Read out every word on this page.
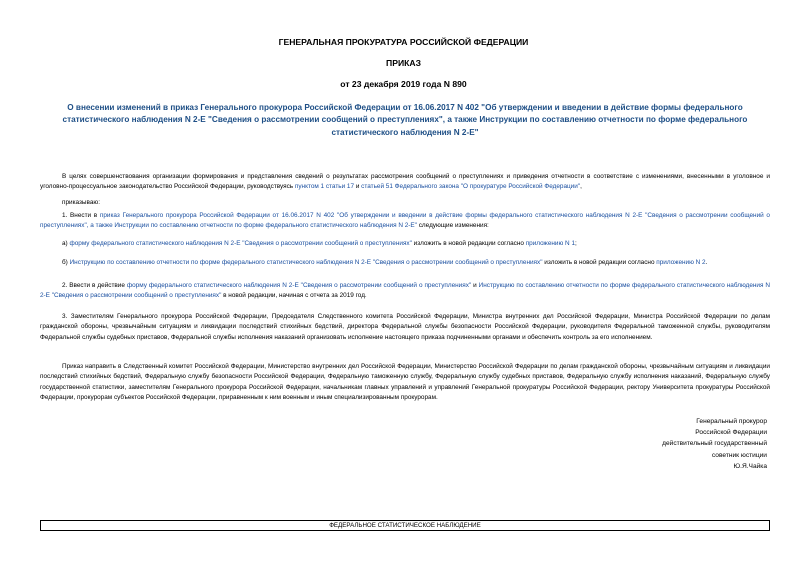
ГЕНЕРАЛЬНАЯ ПРОКУРАТУРА РОССИЙСКОЙ ФЕДЕРАЦИИ
ПРИКАЗ
от 23 декабря 2019 года N 890
О внесении изменений в приказ Генерального прокурора Российской Федерации от 16.06.2017 N 402 "Об утверждении и введении в действие формы федерального статистического наблюдения N 2-Е "Сведения о рассмотрении сообщений о преступлениях", а также Инструкции по составлению отчетности по форме федерального статистического наблюдения N 2-Е"
В целях совершенствования организации формирования и представления сведений о результатах рассмотрения сообщений о преступлениях и приведения отчетности в соответствие с изменениями, внесенными в уголовное и уголовно-процессуальное законодательство Российской Федерации, руководствуясь пунктом 1 статьи 17 и статьей 51 Федерального закона "О прокуратуре Российской Федерации",
приказываю:
1. Внести в приказ Генерального прокурора Российской Федерации от 16.06.2017 N 402 "Об утверждении и введении в действие формы федерального статистического наблюдения N 2-Е "Сведения о рассмотрении сообщений о преступлениях", а также Инструкции по составлению отчетности по форме федерального статистического наблюдения N 2-Е" следующие изменения:
а) форму федерального статистического наблюдения N 2-Е "Сведения о рассмотрении сообщений о преступлениях" изложить в новой редакции согласно приложению N 1;
б) Инструкцию по составлению отчетности по форме федерального статистического наблюдения N 2-Е "Сведения о рассмотрении сообщений о преступлениях" изложить в новой редакции согласно приложению N 2.
2. Ввести в действие форму федерального статистического наблюдения N 2-Е "Сведения о рассмотрении сообщений о преступлениях" и Инструкцию по составлению отчетности по форме федерального статистического наблюдения N 2-Е "Сведения о рассмотрении сообщений о преступлениях" в новой редакции, начиная с отчета за 2019 год.
3. Заместителям Генерального прокурора Российской Федерации, Председателя Следственного комитета Российской Федерации, Министра внутренних дел Российской Федерации, Министра Российской Федерации по делам гражданской обороны, чрезвычайным ситуациям и ликвидации последствий стихийных бедствий, директора Федеральной службы безопасности Российской Федерации, руководителя Федеральной таможенной службы, руководителям Федеральной службы судебных приставов, Федеральной службы исполнения наказаний организовать исполнение настоящего приказа подчиненными органами и обеспечить контроль за его исполнением.
Приказ направить в Следственный комитет Российской Федерации, Министерство внутренних дел Российской Федерации, Министерство Российской Федерации по делам гражданской обороны, чрезвычайным ситуациям и ликвидации последствий стихийных бедствий, Федеральную службу безопасности Российской Федерации, Федеральную таможенную службу, Федеральную службу судебных приставов, Федеральную службу исполнения наказаний, Федеральную службу государственной статистики, заместителям Генерального прокурора Российской Федерации, начальникам главных управлений и управлений Генеральной прокуратуры Российской Федерации, ректору Университета прокуратуры Российской Федерации, прокурорам субъектов Российской Федерации, приравненным к ним военным и иным специализированным прокурорам.
Генеральный прокурор
Российской Федерации
действительный государственный
советник юстиции
Ю.Я.Чайка
ФЕДЕРАЛЬНОЕ СТАТИСТИЧЕСКОЕ НАБЛЮДЕНИЕ
